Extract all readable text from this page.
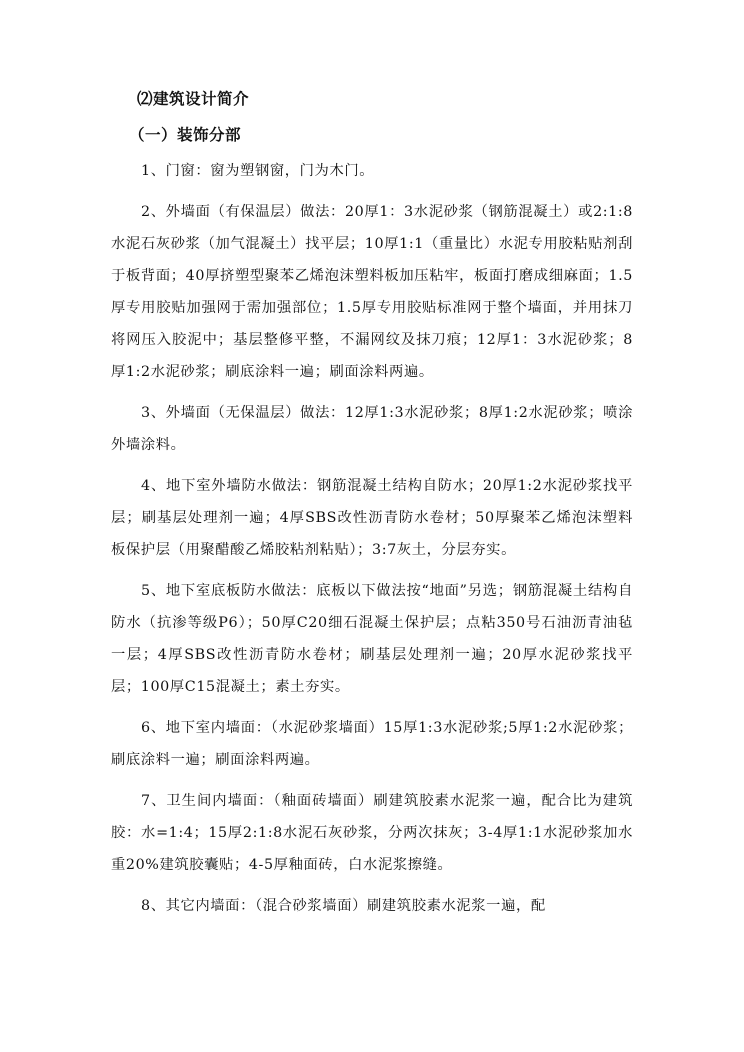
⑵建筑设计简介
（一）装饰分部

1、门窗：窗为塑钢窗，门为木门。

2、外墙面（有保温层）做法：20厚1：3水泥砂浆（钢筋混凝土）或2:1:8水泥石灰砂浆（加气混凝土）找平层；10厚1:1（重量比）水泥专用胶粘贴剂刮于板背面；40厚挤塑型聚苯乙烯泡沫塑料板加压粘牢，板面打磨成细麻面；1.5厚专用胶贴加强网于需加强部位；1.5厚专用胶贴标准网于整个墙面，并用抹刀将网压入胶泥中；基层整修平整，不漏网纹及抹刀痕；12厚1：3水泥砂浆；8厚1:2水泥砂浆；刷底涂料一遍；刷面涂料两遍。

3、外墙面（无保温层）做法：12厚1:3水泥砂浆；8厚1:2水泥砂浆；喷涂外墙涂料。

4、地下室外墙防水做法：钢筋混凝土结构自防水；20厚1:2水泥砂浆找平层；刷基层处理剂一遍；4厚SBS改性沥青防水卷材；50厚聚苯乙烯泡沫塑料板保护层（用聚醋酸乙烯胶粘剂粘贴）；3:7灰土，分层夯实。

5、地下室底板防水做法：底板以下做法按“地面”另选；钢筋混凝土结构自防水（抗渗等级P6）；50厚C20细石混凝土保护层；点粘350号石油沥青油毡一层；4厚SBS改性沥青防水卷材；刷基层处理剂一遍；20厚水泥砂浆找平层；100厚C15混凝土；素土夯实。

6、地下室内墙面：（水泥砂浆墙面）15厚1:3水泥砂浆;5厚1:2水泥砂浆；刷底涂料一遍；刷面涂料两遍。

7、卫生间内墙面：（釉面砖墙面）刷建筑胶素水泥浆一遍，配合比为建筑胶：水=1:4；15厚2:1:8水泥石灰砂浆，分两次抹灰；3-4厚1:1水泥砂浆加水重20%建筑胶囊贴；4-5厚釉面砖，白水泥浆擦缝。

8、其它内墙面：（混合砂浆墙面）刷建筑胶素水泥浆一遍，配
